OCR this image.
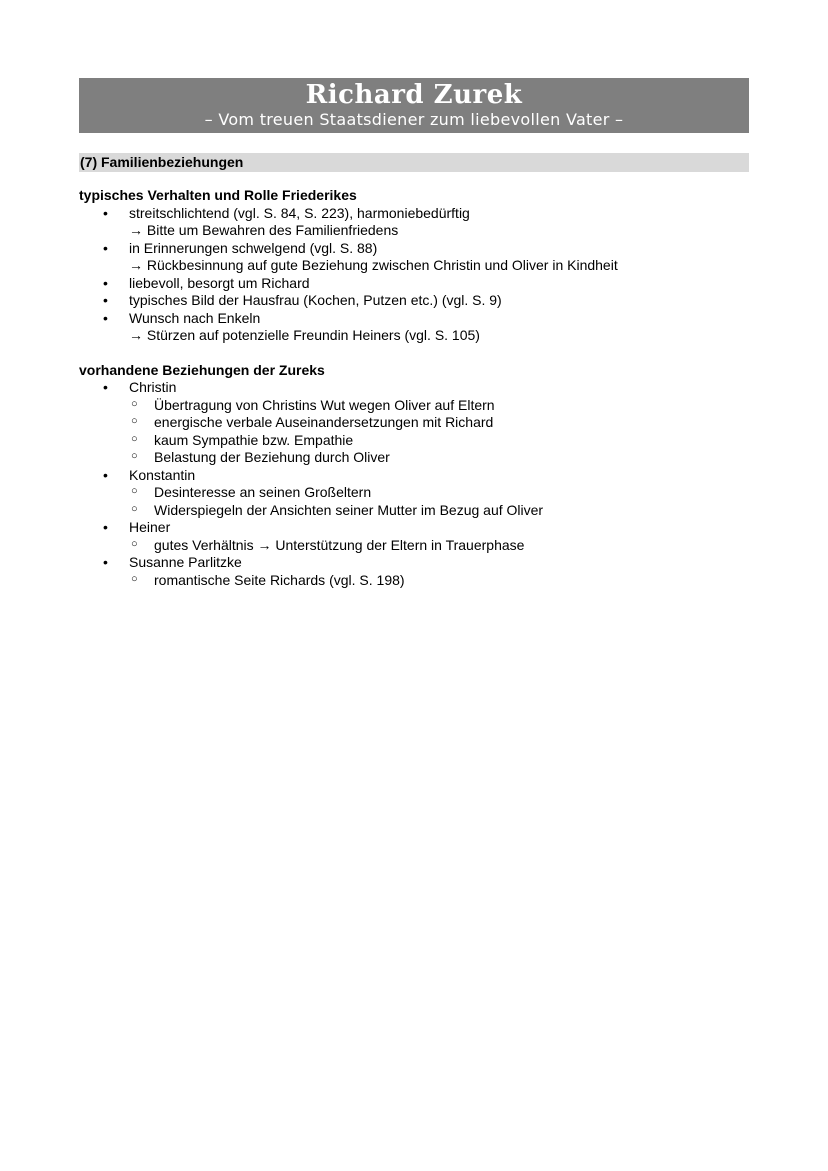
Richard Zurek
– Vom treuen Staatsdiener zum liebevollen Vater –
(7) Familienbeziehungen
typisches Verhalten und Rolle Friederikes
• streitschlichtend (vgl. S. 84, S. 223), harmoniebedürftig
→ Bitte um Bewahren des Familienfriedens
• in Erinnerungen schwelgend (vgl. S. 88)
→ Rückbesinnung auf gute Beziehung zwischen Christin und Oliver in Kindheit
• liebevoll, besorgt um Richard
• typisches Bild der Hausfrau (Kochen, Putzen etc.) (vgl. S. 9)
• Wunsch nach Enkeln
→ Stürzen auf potenzielle Freundin Heiners (vgl. S. 105)
vorhandene Beziehungen der Zureks
• Christin
○ Übertragung von Christins Wut wegen Oliver auf Eltern
○ energische verbale Auseinandersetzungen mit Richard
○ kaum Sympathie bzw. Empathie
○ Belastung der Beziehung durch Oliver
• Konstantin
○ Desinteresse an seinen Großeltern
○ Widerspiegeln der Ansichten seiner Mutter im Bezug auf Oliver
• Heiner
○ gutes Verhältnis → Unterstützung der Eltern in Trauerphase
• Susanne Parlitzke
○ romantische Seite Richards (vgl. S. 198)
